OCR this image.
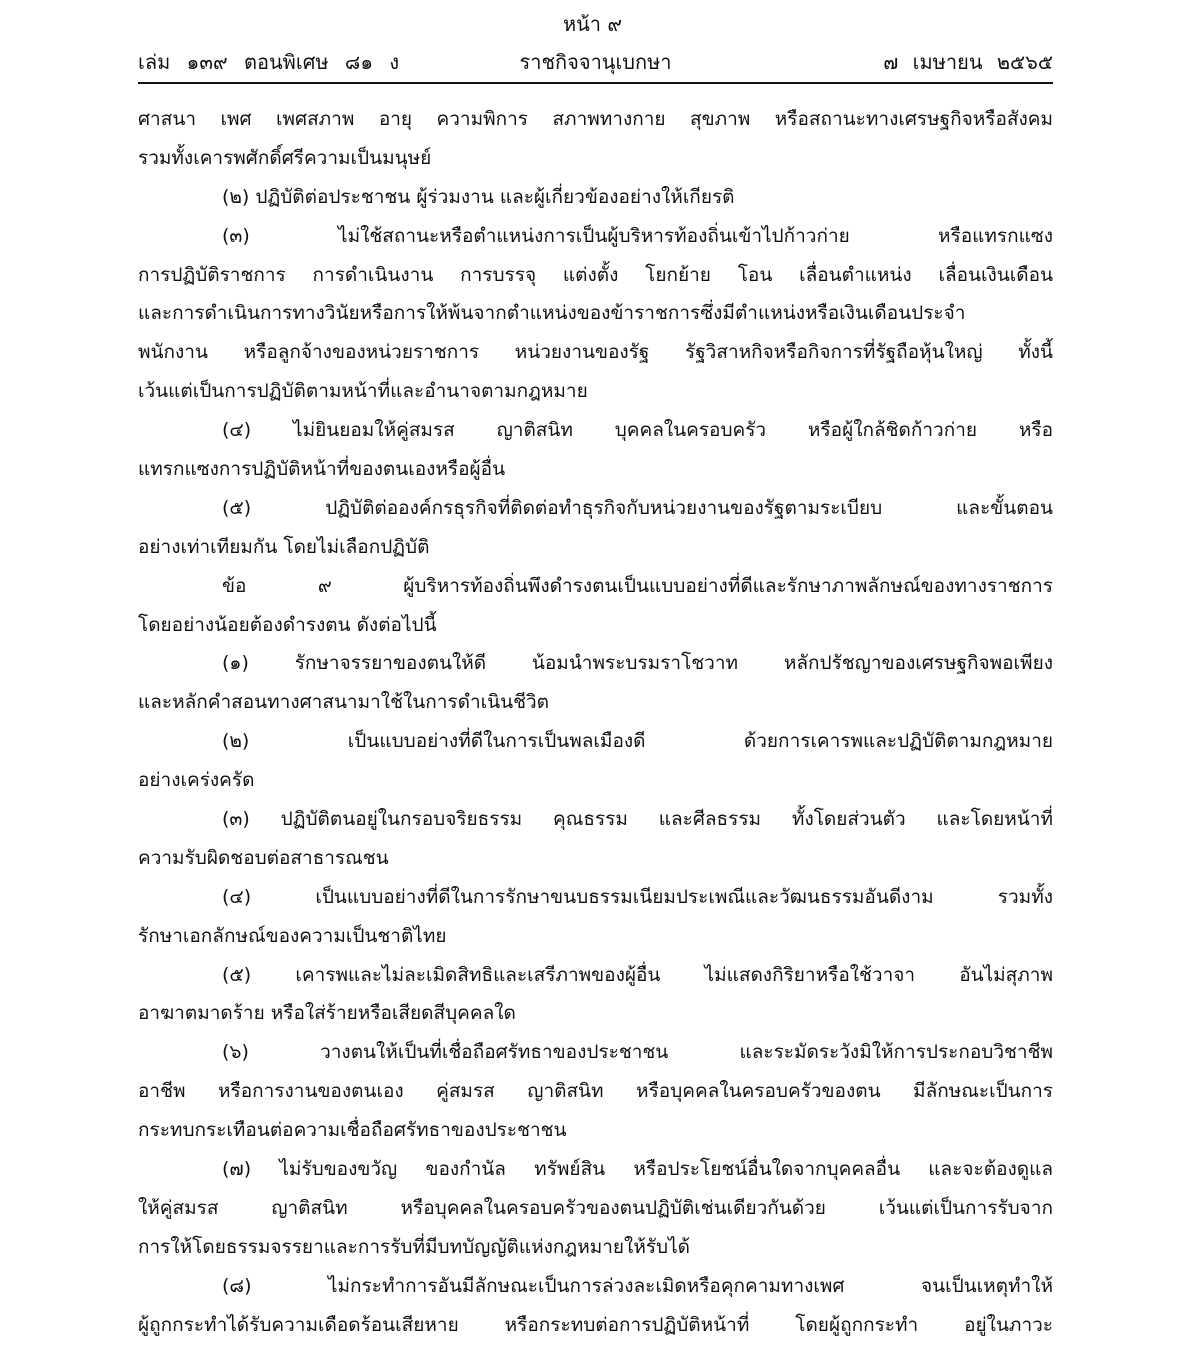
หน้า ๙
เล่ม ๑๓๙ ตอนพิเศษ ๘๑ ง	ราชกิจจานุเบกษา	๗ เมษายน ๒๕๖๕
ศาสนา เพศ เพศสภาพ อายุ ความพิการ สภาพทางกาย สุขภาพ หรือสถานะทางเศรษฐกิจหรือสังคม
รวมทั้งเคารพศักดิ์ศรีความเป็นมนุษย์
(๒) ปฏิบัติต่อประชาชน ผู้ร่วมงาน และผู้เกี่ยวข้องอย่างให้เกียรติ
(๓) ไม่ใช้สถานะหรือตำแหน่งการเป็นผู้บริหารท้องถิ่นเข้าไปก้าวก่าย หรือแทรกแซง
การปฏิบัติราชการ การดำเนินงาน การบรรจุ แต่งตั้ง โยกย้าย โอน เลื่อนตำแหน่ง เลื่อนเงินเดือน
และการดำเนินการทางวินัยหรือการให้พ้นจากตำแหน่งของข้าราชการซึ่งมีตำแหน่งหรือเงินเดือนประจำ
พนักงาน หรือลูกจ้างของหน่วยราชการ หน่วยงานของรัฐ รัฐวิสาหกิจหรือกิจการที่รัฐถือหุ้นใหญ่ ทั้งนี้
เว้นแต่เป็นการปฏิบัติตามหน้าที่และอำนาจตามกฎหมาย
(๔) ไม่ยินยอมให้คู่สมรส ญาติสนิท บุคคลในครอบครัว หรือผู้ใกล้ชิดก้าวก่าย หรือ
แทรกแซงการปฏิบัติหน้าที่ของตนเองหรือผู้อื่น
(๕) ปฏิบัติต่อองค์กรธุรกิจที่ติดต่อทำธุรกิจกับหน่วยงานของรัฐตามระเบียบ และขั้นตอน
อย่างเท่าเทียมกัน โดยไม่เลือกปฏิบัติ
ข้อ ๙ ผู้บริหารท้องถิ่นพึงดำรงตนเป็นแบบอย่างที่ดีและรักษาภาพลักษณ์ของทางราชการ
โดยอย่างน้อยต้องดำรงตน ดังต่อไปนี้
(๑) รักษาจรรยาของตนให้ดี น้อมนำพระบรมราโชวาท หลักปรัชญาของเศรษฐกิจพอเพียง
และหลักคำสอนทางศาสนามาใช้ในการดำเนินชีวิต
(๒) เป็นแบบอย่างที่ดีในการเป็นพลเมืองดี ด้วยการเคารพและปฏิบัติตามกฎหมาย
อย่างเคร่งครัด
(๓) ปฏิบัติตนอยู่ในกรอบจริยธรรม คุณธรรม และศีลธรรม ทั้งโดยส่วนตัว และโดยหน้าที่
ความรับผิดชอบต่อสาธารณชน
(๔) เป็นแบบอย่างที่ดีในการรักษาขนบธรรมเนียมประเพณีและวัฒนธรรมอันดีงาม รวมทั้ง
รักษาเอกลักษณ์ของความเป็นชาติไทย
(๕) เคารพและไม่ละเมิดสิทธิและเสรีภาพของผู้อื่น ไม่แสดงกิริยาหรือใช้วาจา อันไม่สุภาพ
อาฆาตมาดร้าย หรือใส่ร้ายหรือเสียดสีบุคคลใด
(๖) วางตนให้เป็นที่เชื่อถือศรัทธาของประชาชน และระมัดระวังมิให้การประกอบวิชาชีพ
อาชีพ หรือการงานของตนเอง คู่สมรส ญาติสนิท หรือบุคคลในครอบครัวของตน มีลักษณะเป็นการ
กระทบกระเทือนต่อความเชื่อถือศรัทธาของประชาชน
(๗) ไม่รับของขวัญ ของกำนัล ทรัพย์สิน หรือประโยชน์อื่นใดจากบุคคลอื่น และจะต้องดูแล
ให้คู่สมรส ญาติสนิท หรือบุคคลในครอบครัวของตนปฏิบัติเช่นเดียวกันด้วย เว้นแต่เป็นการรับจาก
การให้โดยธรรมจรรยาและการรับที่มีบทบัญญัติแห่งกฎหมายให้รับได้
(๘) ไม่กระทำการอันมีลักษณะเป็นการล่วงละเมิดหรือคุกคามทางเพศ จนเป็นเหตุทำให้
ผู้ถูกกระทำได้รับความเดือดร้อนเสียหาย หรือกระทบต่อการปฏิบัติหน้าที่ โดยผู้ถูกกระทำ อยู่ในภาวะ
